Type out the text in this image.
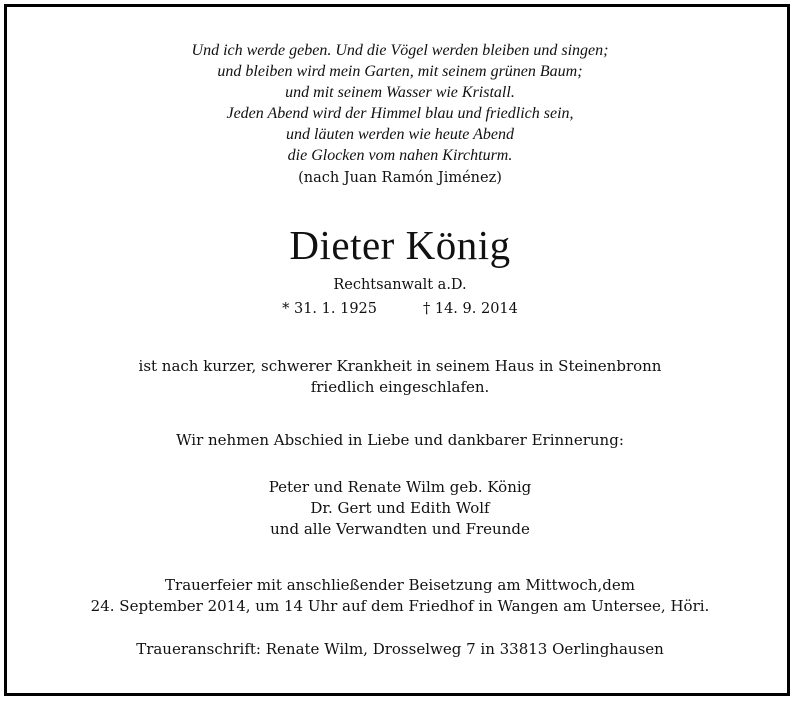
Und ich werde geben. Und die Vögel werden bleiben und singen;
und bleiben wird mein Garten, mit seinem grünen Baum;
und mit seinem Wasser wie Kristall.
Jeden Abend wird der Himmel blau und friedlich sein,
und läuten werden wie heute Abend
die Glocken vom nahen Kirchturm.
(nach Juan Ramón Jiménez)
Dieter König
Rechtsanwalt a.D.
* 31. 1. 1925	† 14. 9. 2014
ist nach kurzer, schwerer Krankheit in seinem Haus in Steinenbronn
friedlich eingeschlafen.
Wir nehmen Abschied in Liebe und dankbarer Erinnerung:
Peter und Renate Wilm geb. König
Dr. Gert und Edith Wolf
und alle Verwandten und Freunde
Trauerfeier mit anschließender Beisetzung am Mittwoch,dem
24. September 2014, um 14 Uhr auf dem Friedhof in Wangen am Untersee, Höri.
Traueranschrift: Renate Wilm, Drosselweg 7 in 33813 Oerlinghausen
